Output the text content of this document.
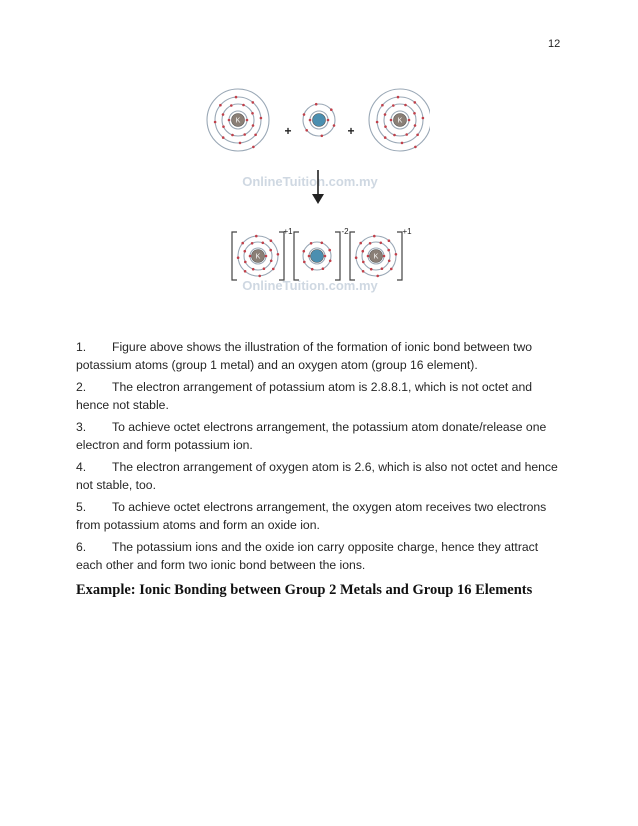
12
OnlineTuition.com.my
OnlineTuition.com.my
K	K
+	+
K	K
+1	-2	+1
1. Figure above shows the illustration of the formation of ionic bond between two potassium atoms (group 1 metal) and an oxygen atom (group 16 element).
2. The electron arrangement of potassium atom is 2.8.8.1, which is not octet and hence not stable.
3. To achieve octet electrons arrangement, the potassium atom donate/release one electron and form potassium ion.
4. The electron arrangement of oxygen atom is 2.6, which is also not octet and hence not stable, too.
5. To achieve octet electrons arrangement, the oxygen atom receives two electrons from potassium atoms and form an oxide ion.
6. The potassium ions and the oxide ion carry opposite charge, hence they attract each other and form two ionic bond between the ions.
Example: Ionic Bonding between Group 2 Metals and Group 16 Elements
